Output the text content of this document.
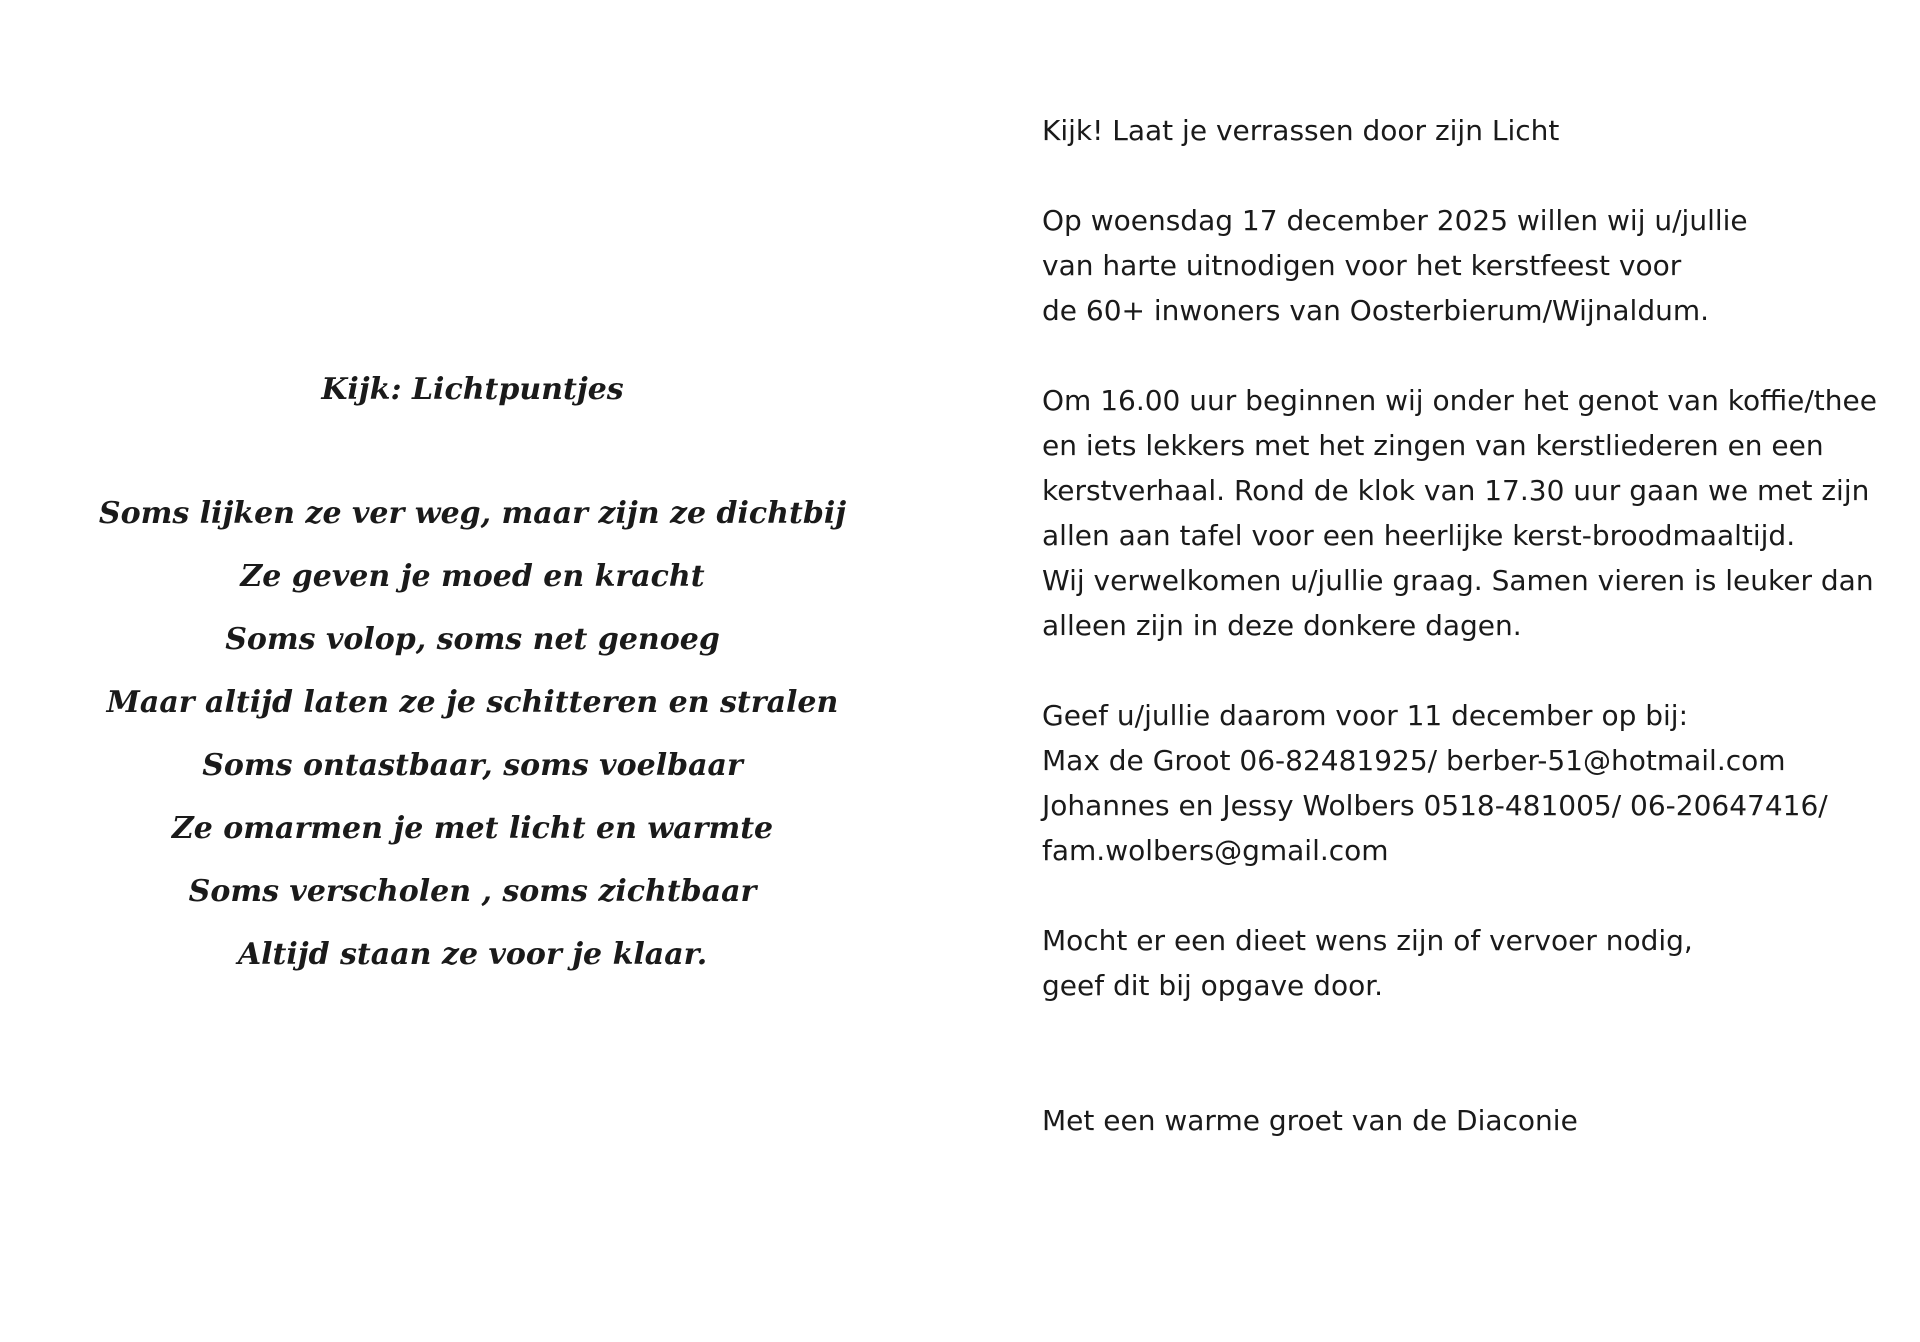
Kijk: Lichtpuntjes
Soms lijken ze ver weg, maar zijn ze dichtbij
Ze geven je moed en kracht
Soms volop, soms net genoeg
Maar altijd laten ze je schitteren en stralen
Soms ontastbaar, soms voelbaar
Ze omarmen je met licht en warmte
Soms verscholen , soms zichtbaar
Altijd staan ze voor je klaar.

Kijk! Laat je verrassen door zijn Licht

Op woensdag 17 december 2025 willen wij u/jullie
van harte uitnodigen voor het kerstfeest voor
de 60+ inwoners van Oosterbierum/Wijnaldum.

Om 16.00 uur beginnen wij onder het genot van koffie/thee
en iets lekkers met het zingen van kerstliederen en een
kerstverhaal. Rond de klok van 17.30 uur gaan we met zijn
allen aan tafel voor een heerlijke kerst-broodmaaltijd.
Wij verwelkomen u/jullie graag. Samen vieren is leuker dan
alleen zijn in deze donkere dagen.

Geef u/jullie daarom voor 11 december op bij:
Max de Groot 06-82481925/ berber-51@hotmail.com
Johannes en Jessy Wolbers 0518-481005/ 06-20647416/
fam.wolbers@gmail.com

Mocht er een dieet wens zijn of vervoer nodig,
geef dit bij opgave door.

Met een warme groet van de Diaconie
